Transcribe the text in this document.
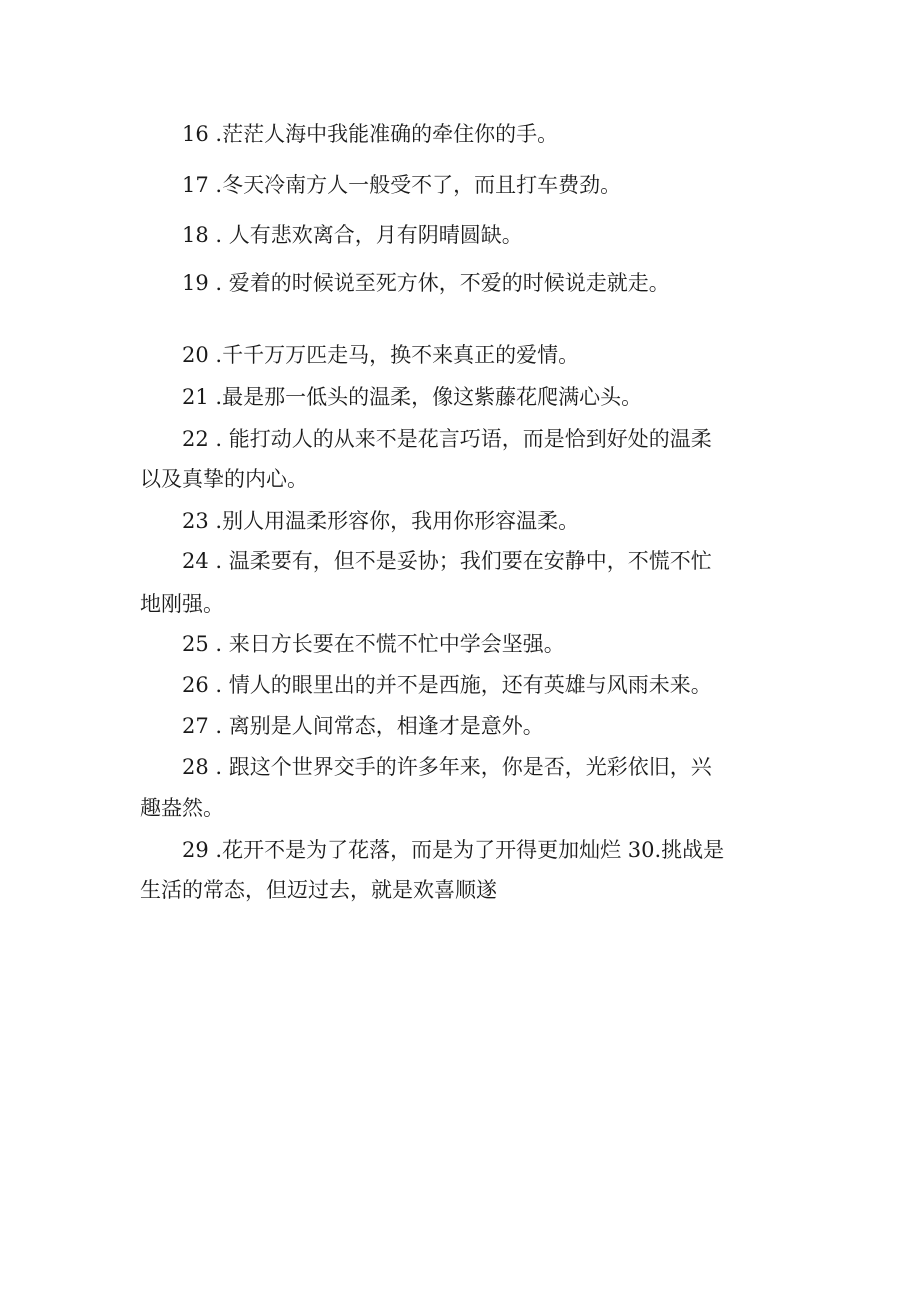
16 .茫茫人海中我能准确的牵住你的手。

17 .冬天冷南方人一般受不了，而且打车费劲。

18 . 人有悲欢离合，月有阴晴圆缺。

19 . 爱着的时候说至死方休，不爱的时候说走就走。

20 .千千万万匹走马，换不来真正的爱情。

21 .最是那一低头的温柔，像这紫藤花爬满心头。

22 . 能打动人的从来不是花言巧语，而是恰到好处的温柔

以及真挚的内心。

23 .别人用温柔形容你，我用你形容温柔。

24 . 温柔要有，但不是妥协；我们要在安静中，不慌不忙

地刚强。

25 . 来日方长要在不慌不忙中学会坚强。

26 . 情人的眼里出的并不是西施，还有英雄与风雨未来。

27 . 离别是人间常态，相逢才是意外。

28 . 跟这个世界交手的许多年来，你是否，光彩依旧，兴

趣盎然。

29 .花开不是为了花落，而是为了开得更加灿烂 30.挑战是

生活的常态，但迈过去，就是欢喜顺遂
